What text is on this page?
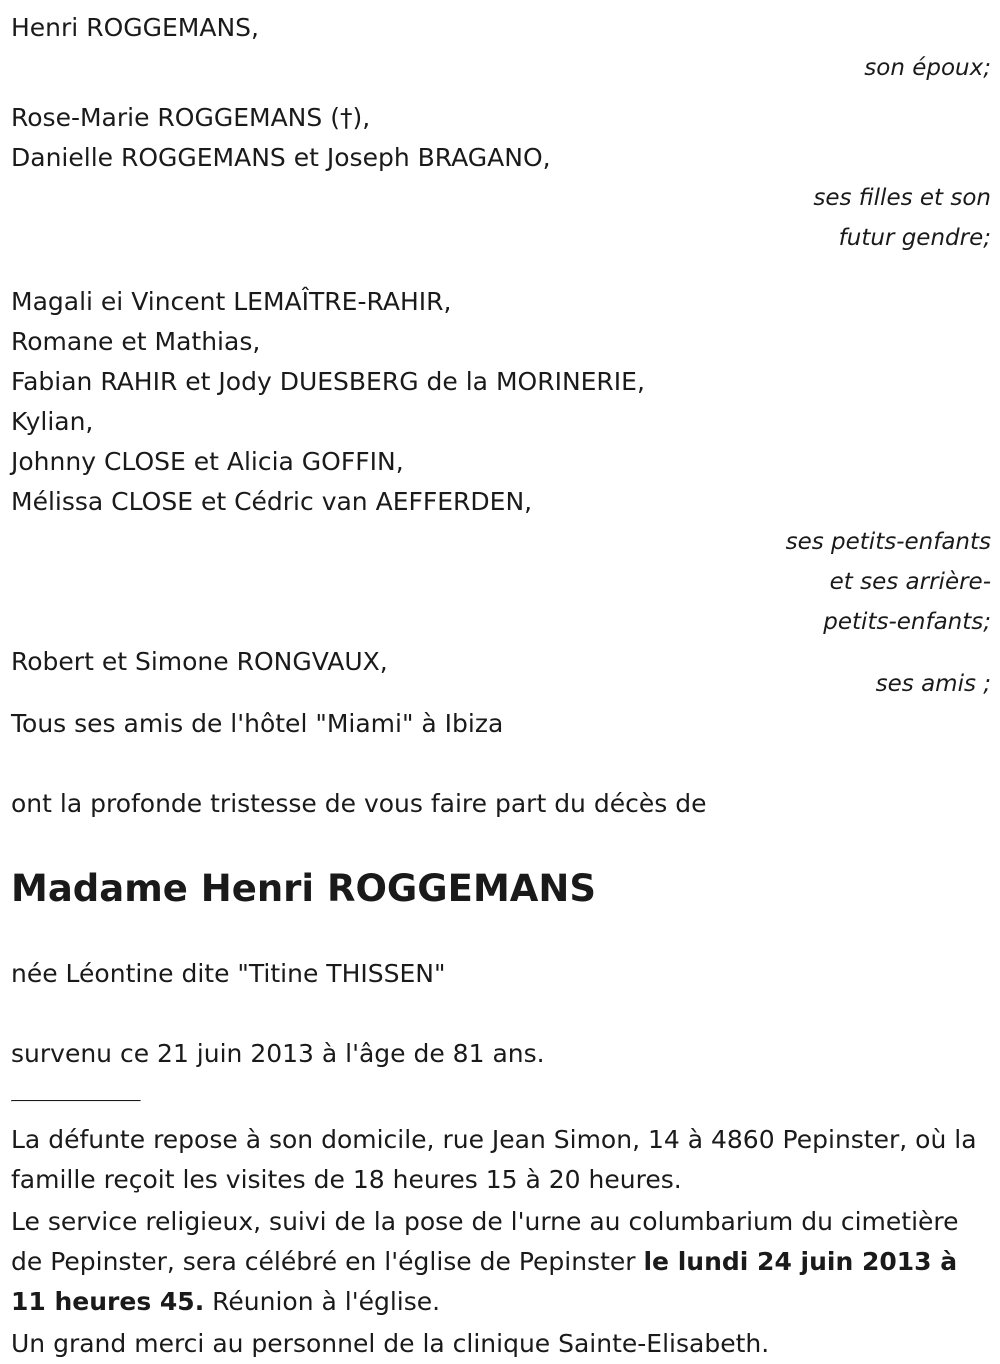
Henri ROGGEMANS,

son époux;

Rose-Marie ROGGEMANS (†),

Danielle ROGGEMANS et Joseph BRAGANO,

ses filles et son

futur gendre;

Magali ei Vincent LEMAÎTRE-RAHIR,

Romane et Mathias,

Fabian RAHIR et Jody DUESBERG de la MORINERIE,

Kylian,

Johnny CLOSE et Alicia GOFFIN,

Mélissa CLOSE et Cédric van AEFFERDEN,

ses petits-enfants

et ses arrière-

petits-enfants;

Robert et Simone RONGVAUX,

ses amis ;

Tous ses amis de l'hôtel "Miami" à Ibiza

ont la profonde tristesse de vous faire part du décès de

Madame Henri ROGGEMANS

née Léontine dite "Titine THISSEN"

survenu ce 21 juin 2013 à l'âge de 81 ans.

La défunte repose à son domicile, rue Jean Simon, 14 à 4860 Pepinster, où la famille reçoit les visites de 18 heures 15 à 20 heures.

Le service religieux, suivi de la pose de l'urne au columbarium du cimetière de Pepinster, sera célébré en l'église de Pepinster le lundi 24 juin 2013 à 11 heures 45. Réunion à l'église.

Un grand merci au personnel de la clinique Sainte-Elisabeth.
